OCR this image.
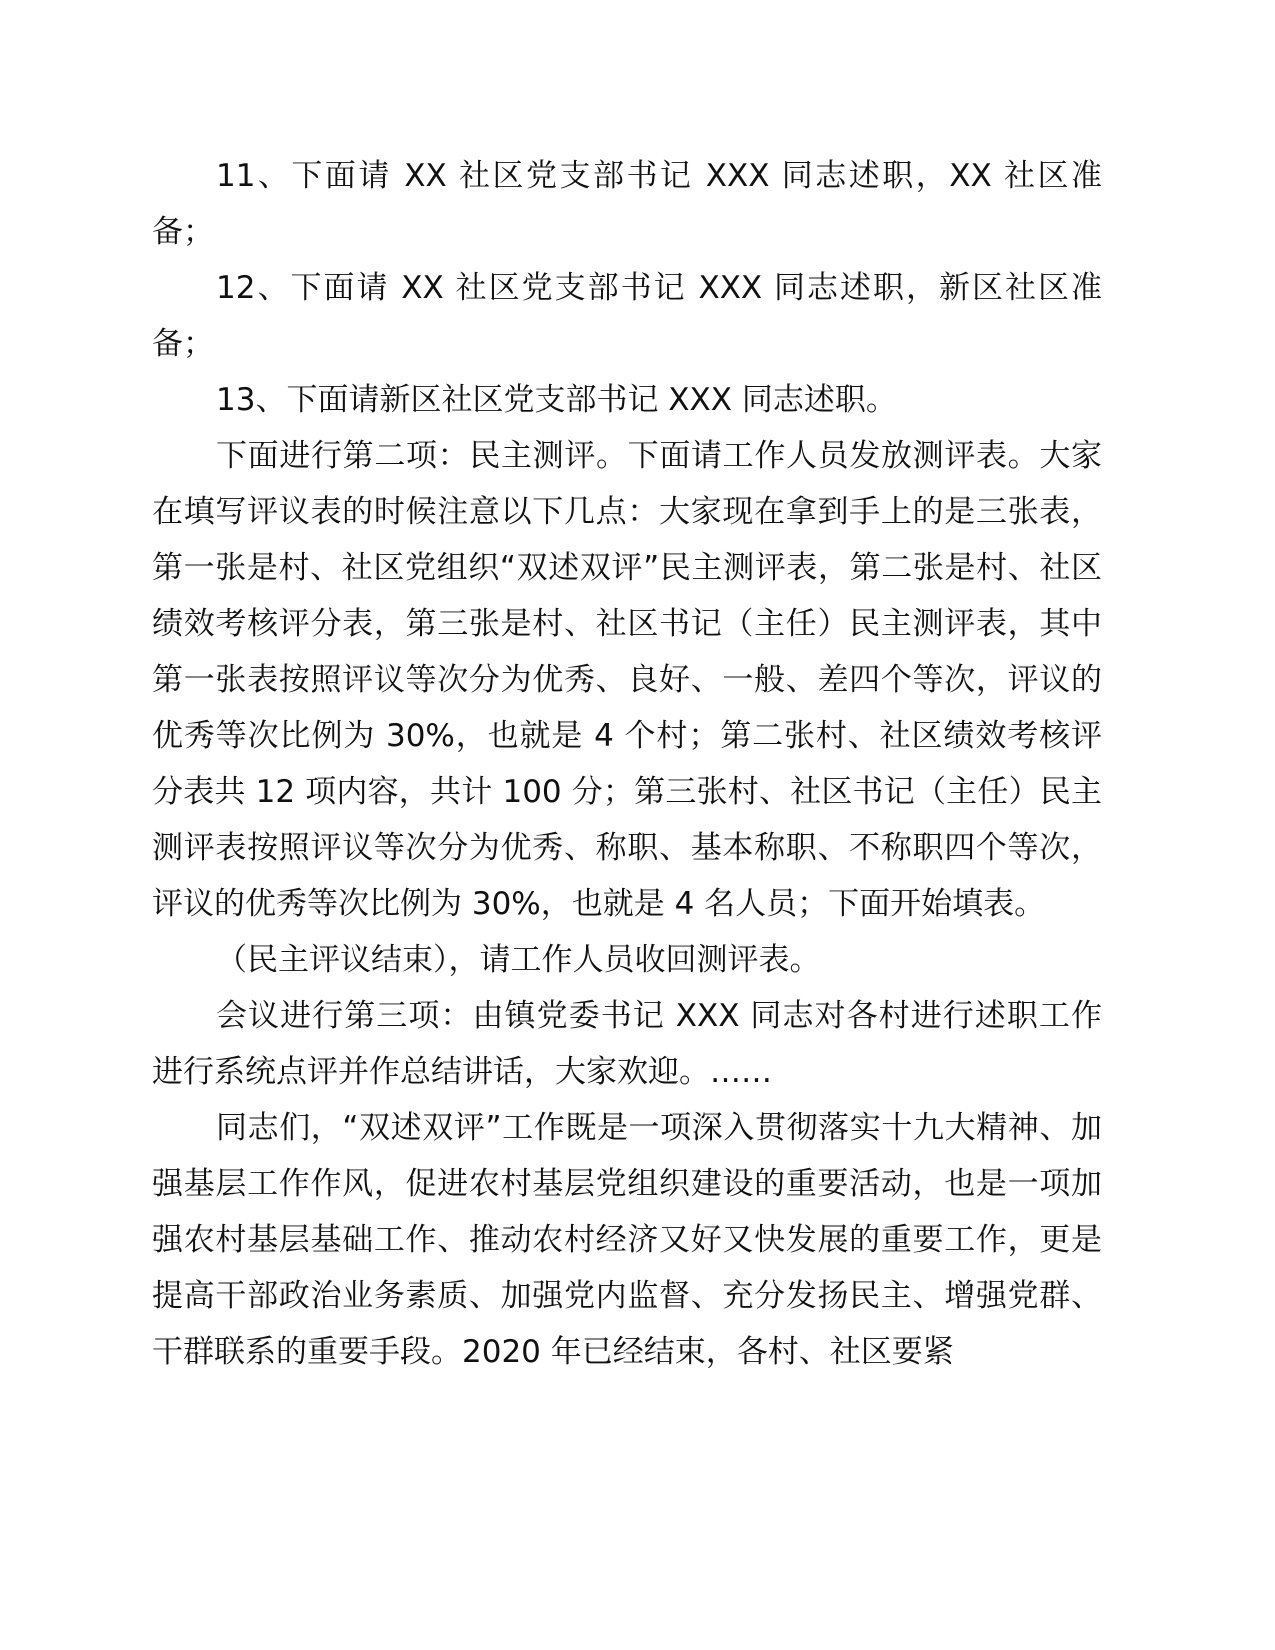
11、下面请 XX 社区党支部书记 XXX 同志述职，XX 社区准备；

12、下面请 XX 社区党支部书记 XXX 同志述职，新区社区准备；

13、下面请新区社区党支部书记 XXX 同志述职。

下面进行第二项：民主测评。下面请工作人员发放测评表。大家在填写评议表的时候注意以下几点：大家现在拿到手上的是三张表，第一张是村、社区党组织“双述双评”民主测评表，第二张是村、社区绩效考核评分表，第三张是村、社区书记（主任）民主测评表，其中第一张表按照评议等次分为优秀、良好、一般、差四个等次，评议的优秀等次比例为 30%，也就是 4 个村；第二张村、社区绩效考核评分表共 12 项内容，共计 100 分；第三张村、社区书记（主任）民主测评表按照评议等次分为优秀、称职、基本称职、不称职四个等次，评议的优秀等次比例为 30%，也就是 4 名人员；下面开始填表。

（民主评议结束），请工作人员收回测评表。

会议进行第三项：由镇党委书记 XXX 同志对各村进行述职工作进行系统点评并作总结讲话，大家欢迎。……

同志们，“双述双评”工作既是一项深入贯彻落实十九大精神、加强基层工作作风，促进农村基层党组织建设的重要活动，也是一项加强农村基层基础工作、推动农村经济又好又快发展的重要工作，更是提高干部政治业务素质、加强党内监督、充分发扬民主、增强党群、干群联系的重要手段。2020 年已经结束，各村、社区要紧
